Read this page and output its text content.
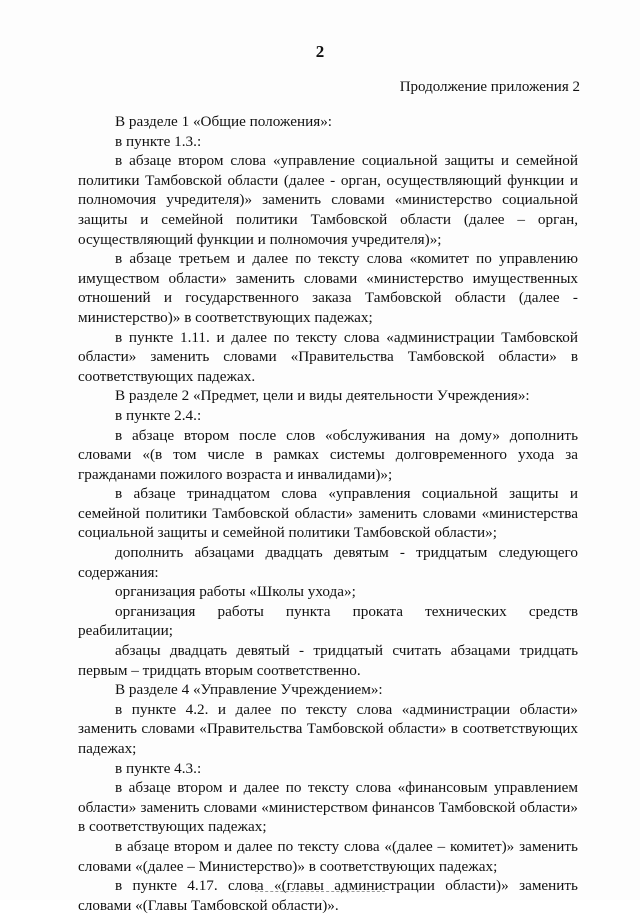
2
Продолжение приложения 2

В разделе 1 «Общие положения»:

в пункте 1.3.:

в абзаце втором слова «управление социальной защиты и семейной политики Тамбовской области (далее - орган, осуществляющий функции и полномочия учредителя)» заменить словами «министерство социальной защиты и семейной политики Тамбовской области (далее – орган, осуществляющий функции и полномочия учредителя)»;

в абзаце третьем и далее по тексту слова «комитет по управлению имуществом области» заменить словами «министерство имущественных отношений и государственного заказа Тамбовской области (далее - министерство)» в соответствующих падежах;

в пункте 1.11. и далее по тексту слова «администрации Тамбовской области» заменить словами «Правительства Тамбовской области» в соответствующих падежах.

В разделе 2 «Предмет, цели и виды деятельности Учреждения»:

в пункте 2.4.:

в абзаце втором после слов «обслуживания на дому» дополнить словами «(в том числе в рамках системы долговременного ухода за гражданами пожилого возраста и инвалидами)»;

в абзаце тринадцатом слова «управления социальной защиты и семейной политики Тамбовской области» заменить словами «министерства социальной защиты и семейной политики Тамбовской области»;

дополнить абзацами двадцать девятым - тридцатым следующего содержания:

организация работы «Школы ухода»;

организация работы пункта проката технических средств реабилитации;

абзацы двадцать девятый - тридцатый считать абзацами тридцать первым – тридцать вторым соответственно.

В разделе 4 «Управление Учреждением»:

в пункте 4.2. и далее по тексту слова «администрации области» заменить словами «Правительства Тамбовской области» в соответствующих падежах;

в пункте 4.3.:

в абзаце втором и далее по тексту слова «финансовым управлением области» заменить словами «министерством финансов Тамбовской области» в соответствующих падежах;

в абзаце втором и далее по тексту слова «(далее – комитет)» заменить словами «(далее – Министерство)» в соответствующих падежах;

в пункте 4.17. слова «(главы администрации области)» заменить словами «(Главы Тамбовской области)».
